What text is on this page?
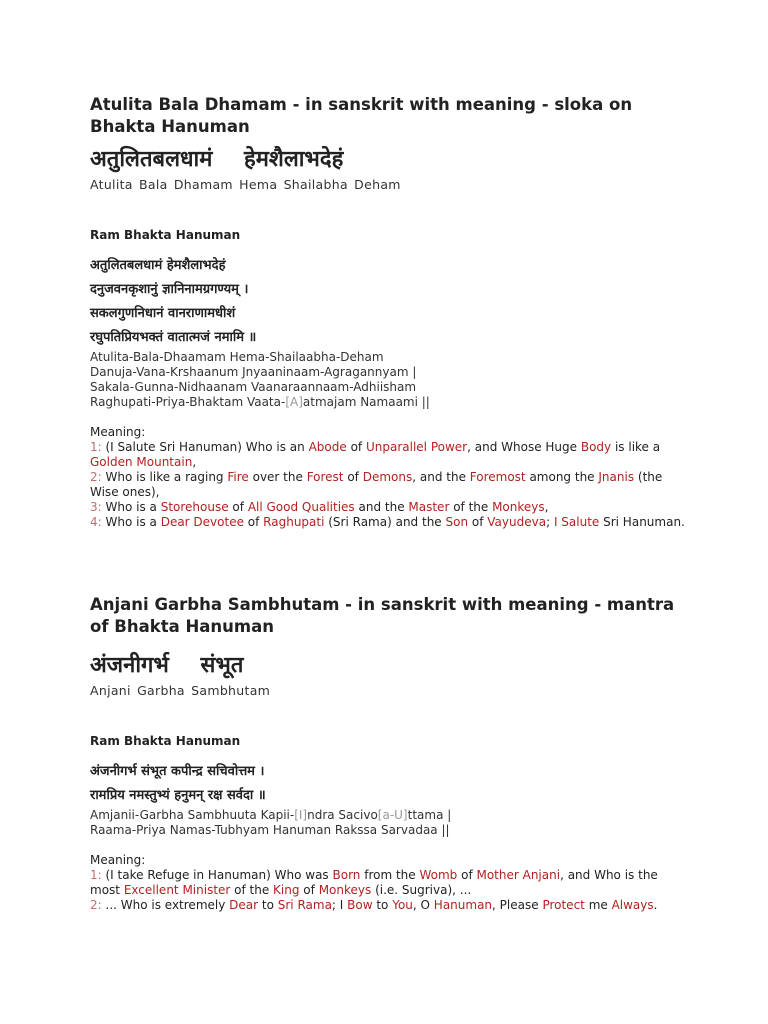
Atulita Bala Dhamam - in sanskrit with meaning - sloka on Bhakta Hanuman
अतुलितबलधामं हेमशैलाभदेहं
Atulita Bala Dhamam Hema Shailabha Deham
Ram Bhakta Hanuman
अतुलितबलधामं हेमशैलाभदेहं
दनुजवनकृशानुं ज्ञानिनामग्रगण्यम् ।
सकलगुणनिधानं वानराणामधीशं
रघुपतिप्रियभक्तं वातात्मजं नमामि ॥
Atulita-Bala-Dhaamam Hema-Shailaabha-Deham
Danuja-Vana-Krshaanum Jnyaaninaam-Agragannyam |
Sakala-Gunna-Nidhaanam Vaanaraannaam-Adhiisham
Raghupati-Priya-Bhaktam Vaata-[A]atmajam Namaami ||
Meaning:
1: (I Salute Sri Hanuman) Who is an Abode of Unparallel Power, and Whose Huge Body is like a Golden Mountain,
2: Who is like a raging Fire over the Forest of Demons, and the Foremost among the Jnanis (the Wise ones),
3: Who is a Storehouse of All Good Qualities and the Master of the Monkeys,
4: Who is a Dear Devotee of Raghupati (Sri Rama) and the Son of Vayudeva; I Salute Sri Hanuman.
Anjani Garbha Sambhutam - in sanskrit with meaning - mantra of Bhakta Hanuman
अंजनीगर्भ संभूत
Anjani Garbha Sambhutam
Ram Bhakta Hanuman
अंजनीगर्भ संभूत कपीन्द्र सचिवोत्तम ।
रामप्रिय नमस्तुभ्यं हनुमन् रक्ष सर्वदा ॥
Amjanii-Garbha Sambhuuta Kapii-[I]ndra Sacivo[a-U]ttama |
Raama-Priya Namas-Tubhyam Hanuman Rakssa Sarvadaa ||
Meaning:
1: (I take Refuge in Hanuman) Who was Born from the Womb of Mother Anjani, and Who is the most Excellent Minister of the King of Monkeys (i.e. Sugriva), ...
2: ... Who is extremely Dear to Sri Rama; I Bow to You, O Hanuman, Please Protect me Always.
